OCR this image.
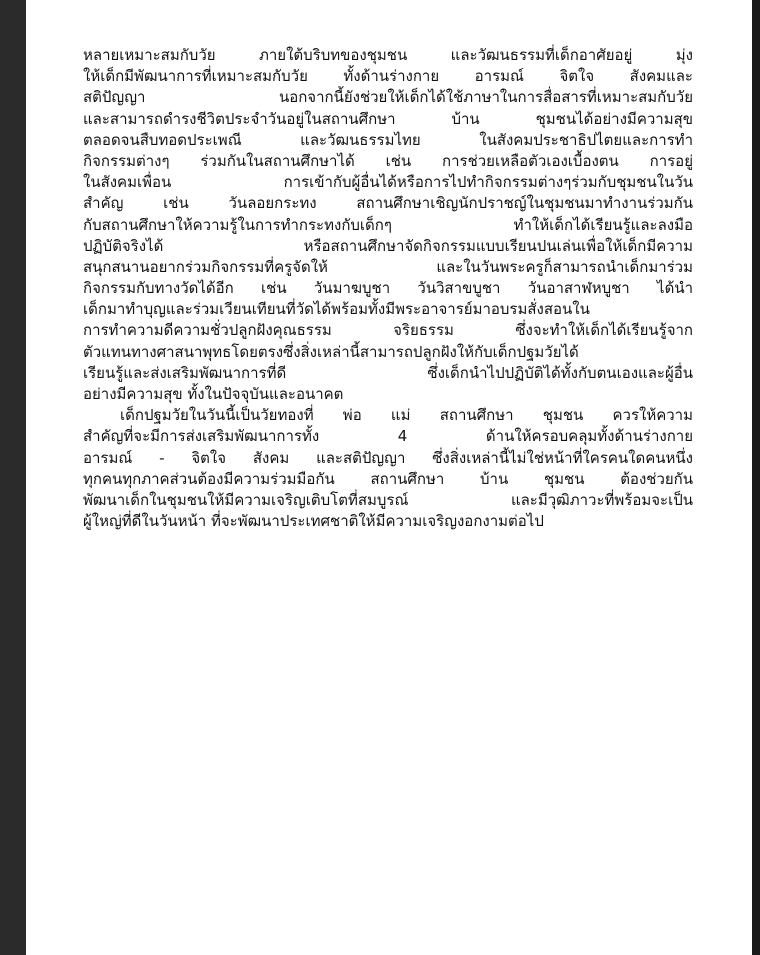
หลายเหมาะสมกับวัย ภายใต้บริบทของชุมชน และวัฒนธรรมที่เด็กอาศัยอยู่ มุ่ง
ให้เด็กมีพัฒนาการที่เหมาะสมกับวัย ทั้งด้านร่างกาย อารมณ์ จิตใจ สังคมและ
สติปัญญา นอกจากนี้ยังช่วยให้เด็กได้ใช้ภาษาในการสื่อสารที่เหมาะสมกับวัย
และสามารถดำรงชีวิตประจำวันอยู่ในสถานศึกษา บ้าน ชุมชนได้อย่างมีความสุข
ตลอดจนสืบทอดประเพณี และวัฒนธรรมไทย ในสังคมประชาธิปไตยและการทำ
กิจกรรมต่างๆ ร่วมกันในสถานศึกษาได้ เช่น การช่วยเหลือตัวเองเบื้องตน การอยู่
ในสังคมเพื่อน การเข้ากับผู้อื่นได้หรือการไปทำกิจกรรมต่างๆร่วมกับชุมชนในวัน
สำคัญ เช่น วันลอยกระทง สถานศึกษาเชิญนักปราชญ์ในชุมชนมาทำงานร่วมกัน
กับสถานศึกษาให้ความรู้ในการทำกระทงกับเด็กๆ ทำให้เด็กได้เรียนรู้และลงมือ
ปฏิบัติจริงได้ หรือสถานศึกษาจัดกิจกรรมแบบเรียนปนเล่นเพื่อให้เด็กมีความ
สนุกสนานอยากร่วมกิจกรรมที่ครูจัดให้ และในวันพระครูก็สามารถนำเด็กมาร่วม
กิจกรรมกับทางวัดได้อีก เช่น วันมาฆบูชา วันวิสาขบูชา วันอาสาฬหบูชา ได้นำ
เด็กมาทำบุญและร่วมเวียนเทียนที่วัดได้พร้อมทั้งมีพระอาจารย์มาอบรมสั่งสอนใน
การทำความดีความชั่วปลูกฝังคุณธรรม จริยธรรม ซึ่งจะทำให้เด็กได้เรียนรู้จาก
ตัวแทนทางศาสนาพุทธโดยตรงซึ่งสิ่งเหล่านี้สามารถปลูกฝังให้กับเด็กปฐมวัยได้
เรียนรู้และส่งเสริมพัฒนาการที่ดี ซึ่งเด็กนำไปปฏิบัติได้ทั้งกับตนเองและผู้อื่น
อย่างมีความสุข ทั้งในปัจจุบันและอนาคต
เด็กปฐมวัยในวันนี้เป็นวัยทองที่ พ่อ แม่ สถานศึกษา ชุมชน ควรให้ความ
สำคัญที่จะมีการส่งเสริมพัฒนาการทั้ง 4 ด้านให้ครอบคลุมทั้งด้านร่างกาย
อารมณ์ - จิตใจ สังคม และสติปัญญา ซึ่งสิ่งเหล่านี้ไม่ใช่หน้าที่ใครคนใดคนหนึ่ง
ทุกคนทุกภาคส่วนต้องมีความร่วมมือกัน สถานศึกษา บ้าน ชุมชน ต้องช่วยกัน
พัฒนาเด็กในชุมชนให้มีความเจริญเติบโตที่สมบูรณ์ และมีวุฒิภาวะที่พร้อมจะเป็น
ผู้ใหญ่ที่ดีในวันหน้า ที่จะพัฒนาประเทศชาติให้มีความเจริญงอกงามต่อไป
